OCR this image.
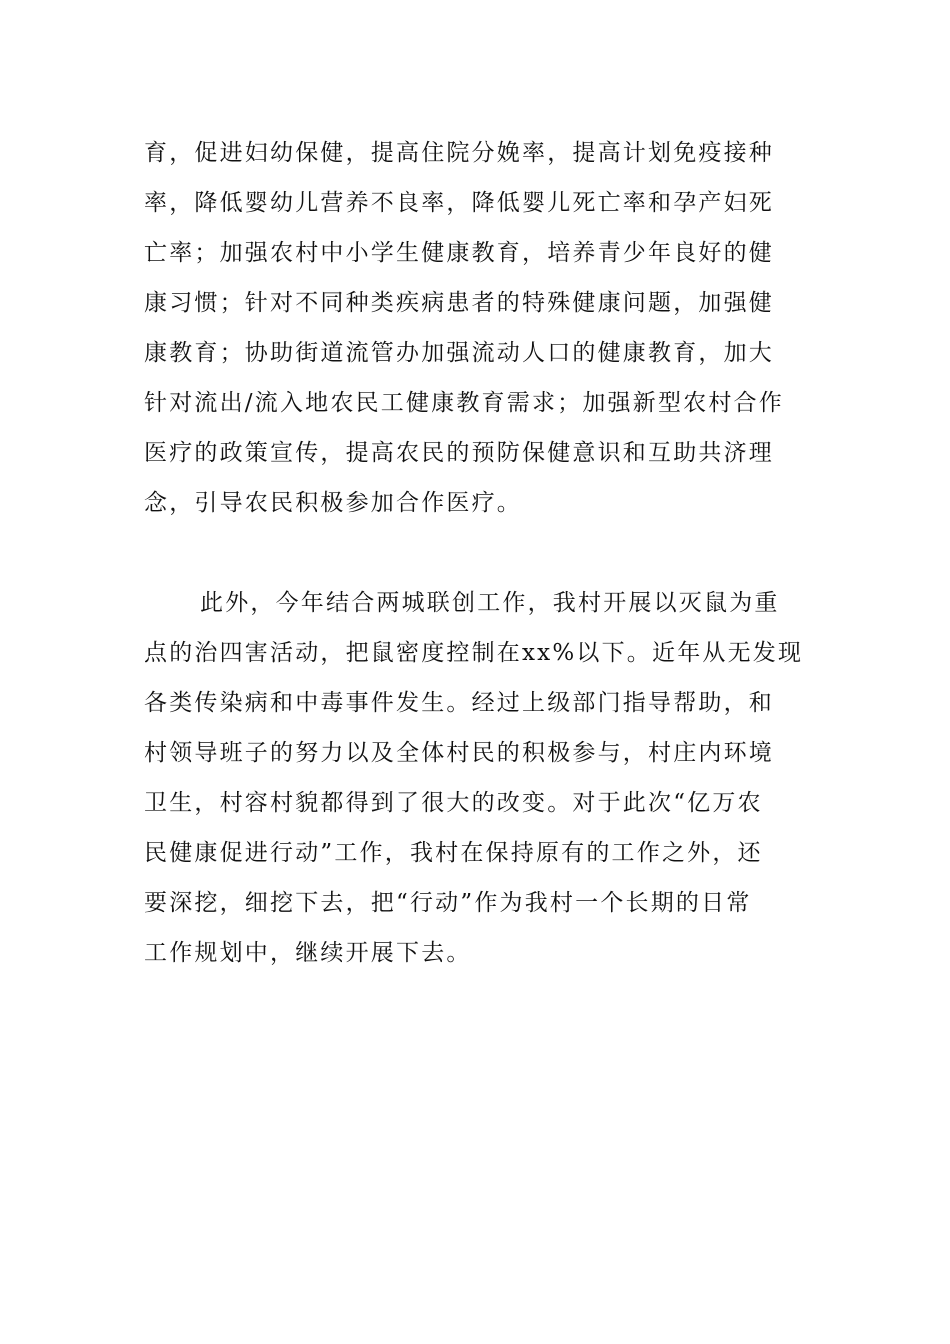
育，促进妇幼保健，提高住院分娩率，提高计划免疫接种
率，降低婴幼儿营养不良率，降低婴儿死亡率和孕产妇死
亡率；加强农村中小学生健康教育，培养青少年良好的健
康习惯；针对不同种类疾病患者的特殊健康问题，加强健
康教育；协助街道流管办加强流动人口的健康教育，加大
针对流出/流入地农民工健康教育需求；加强新型农村合作
医疗的政策宣传，提高农民的预防保健意识和互助共济理
念，引导农民积极参加合作医疗。
此外，今年结合两城联创工作，我村开展以灭鼠为重
点的治四害活动，把鼠密度控制在xx%以下。近年从无发现
各类传染病和中毒事件发生。经过上级部门指导帮助，和
村领导班子的努力以及全体村民的积极参与，村庄内环境
卫生，村容村貌都得到了很大的改变。对于此次“亿万农
民健康促进行动”工作，我村在保持原有的工作之外，还
要深挖，细挖下去，把“行动”作为我村一个长期的日常
工作规划中，继续开展下去。
